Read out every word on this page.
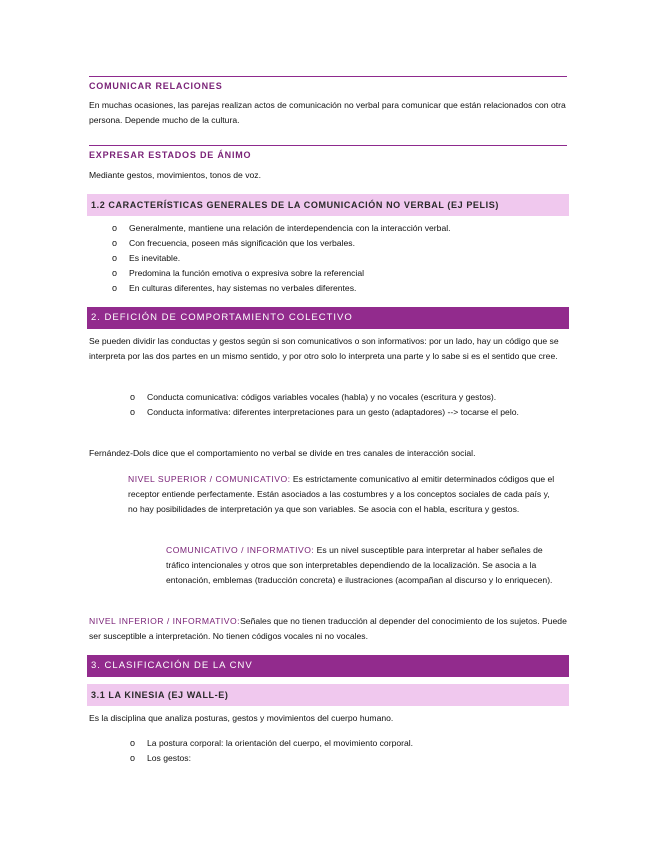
COMUNICAR RELACIONES
En muchas ocasiones, las parejas realizan actos de comunicación no verbal para comunicar que están relacionados con otra persona. Depende mucho de la cultura.
EXPRESAR ESTADOS DE ÁNIMO
Mediante gestos, movimientos, tonos de voz.
1.2 CARACTERÍSTICAS GENERALES DE LA COMUNICACIÓN NO VERBAL (EJ PELIS)
o Generalmente, mantiene una relación de interdependencia con la interacción verbal.
o Con frecuencia, poseen más significación que los verbales.
o Es inevitable.
o Predomina la función emotiva o expresiva sobre la referencial
o En culturas diferentes, hay sistemas no verbales diferentes.
2. DEFICIÓN DE COMPORTAMIENTO COLECTIVO
Se pueden dividir las conductas y gestos según si son comunicativos o son informativos: por un lado, hay un código que se interpreta por las dos partes en un mismo sentido, y por otro solo lo interpreta una parte y lo sabe si es el sentido que cree.
o Conducta comunicativa: códigos variables vocales (habla) y no vocales (escritura y gestos).
o Conducta informativa: diferentes interpretaciones para un gesto (adaptadores) --> tocarse el pelo.
Fernández-Dols dice que el comportamiento no verbal se divide en tres canales de interacción social.
NIVEL SUPERIOR / COMUNICATIVO: Es estrictamente comunicativo al emitir determinados códigos que el receptor entiende perfectamente. Están asociados a las costumbres y a los conceptos sociales de cada país y, no hay posibilidades de interpretación ya que son variables. Se asocia con el habla, escritura y gestos.
COMUNICATIVO / INFORMATIVO: Es un nivel susceptible para interpretar al haber señales de tráfico intencionales y otros que son interpretables dependiendo de la localización. Se asocia a la entonación, emblemas (traducción concreta) e ilustraciones (acompañan al discurso y lo enriquecen).
NIVEL INFERIOR / INFORMATIVO:Señales que no tienen traducción al depender del conocimiento de los sujetos. Puede ser susceptible a interpretación. No tienen códigos vocales ni no vocales.
3. CLASIFICACIÓN DE LA CNV
3.1 LA KINESIA (EJ WALL-E)
Es la disciplina que analiza posturas, gestos y movimientos del cuerpo humano.
o La postura corporal: la orientación del cuerpo, el movimiento corporal.
o Los gestos:
